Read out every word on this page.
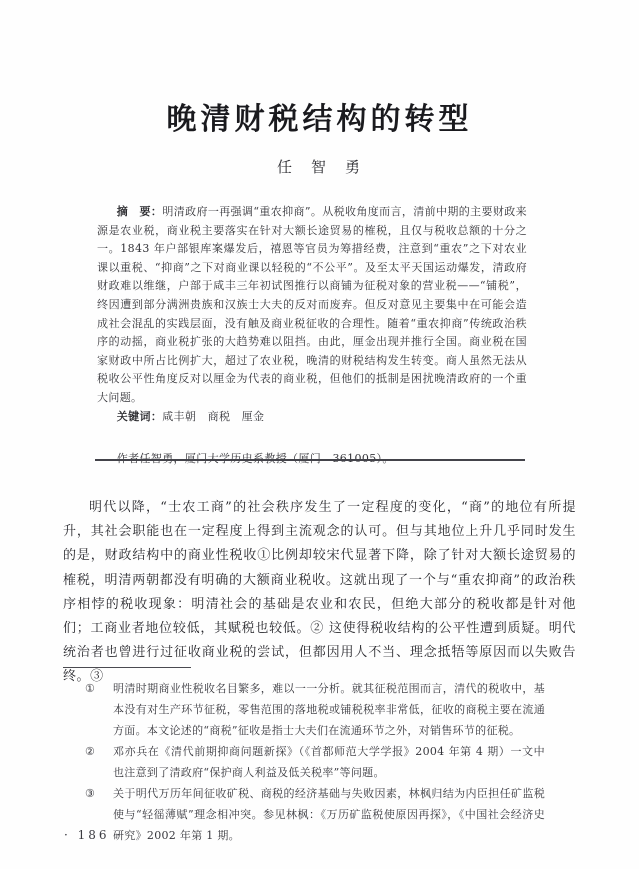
晚清财税结构的转型
任　智　勇

摘　要：明清政府一再强调“重农抑商”。从税收角度而言，清前中期的主要财政来源是农业税，商业税主要落实在针对大额长途贸易的榷税，且仅与税收总额的十分之一。1843 年户部银库案爆发后，禧恩等官员为筹措经费，注意到“重农”之下对农业课以重税、“抑商”之下对商业课以轻税的“不公平”。及至太平天国运动爆发，清政府财政难以维继，户部于咸丰三年初试图推行以商铺为征税对象的营业税——“铺税”，终因遭到部分满洲贵族和汉族士大夫的反对而废弃。但反对意见主要集中在可能会造成社会混乱的实践层面，没有触及商业税征收的合理性。随着“重农抑商”传统政治秩序的动摇，商业税扩张的大趋势难以阻挡。由此，厘金出现并推行全国。商业税在国家财政中所占比例扩大，超过了农业税，晚清的财税结构发生转变。商人虽然无法从税收公平性角度反对以厘金为代表的商业税，但他们的抵制是困扰晚清政府的一个重大问题。

关键词：咸丰朝　商税　厘金

作者任智勇，厦门大学历史系教授（厦门　361005）。

明代以降，“士农工商”的社会秩序发生了一定程度的变化，“商”的地位有所提升，其社会职能也在一定程度上得到主流观念的认可。但与其地位上升几乎同时发生的是，财政结构中的商业性税收①比例却较宋代显著下降，除了针对大额长途贸易的榷税，明清两朝都没有明确的大额商业税收。这就出现了一个与“重农抑商”的政治秩序相悖的税收现象：明清社会的基础是农业和农民，但绝大部分的税收都是针对他们；工商业者地位较低，其赋税也较低。② 这使得税收结构的公平性遭到质疑。明代统治者也曾进行过征收商业税的尝试，但都因用人不当、理念抵牾等原因而以失败告终。③

①	明清时期商业性税收名目繁多，难以一一分析。就其征税范围而言，清代的税收中，基本没有对生产环节征税，零售范围的落地税或铺税税率非常低，征收的商税主要在流通方面。本文论述的“商税”征收是指士大夫们在流通环节之外，对销售环节的征税。
②	邓亦兵在《清代前期抑商问题新探》（《首都师范大学学报》2004 年第 4 期）一文中也注意到了清政府“保护商人利益及低关税率”等问题。
③	关于明代万历年间征收矿税、商税的经济基础与失败因素，林枫归结为内臣担任矿监税使与“轻徭薄赋”理念相冲突。参见林枫：《万历矿监税使原因再探》，《中国社会经济史研究》2002 年第 1 期。
· 186 ·
